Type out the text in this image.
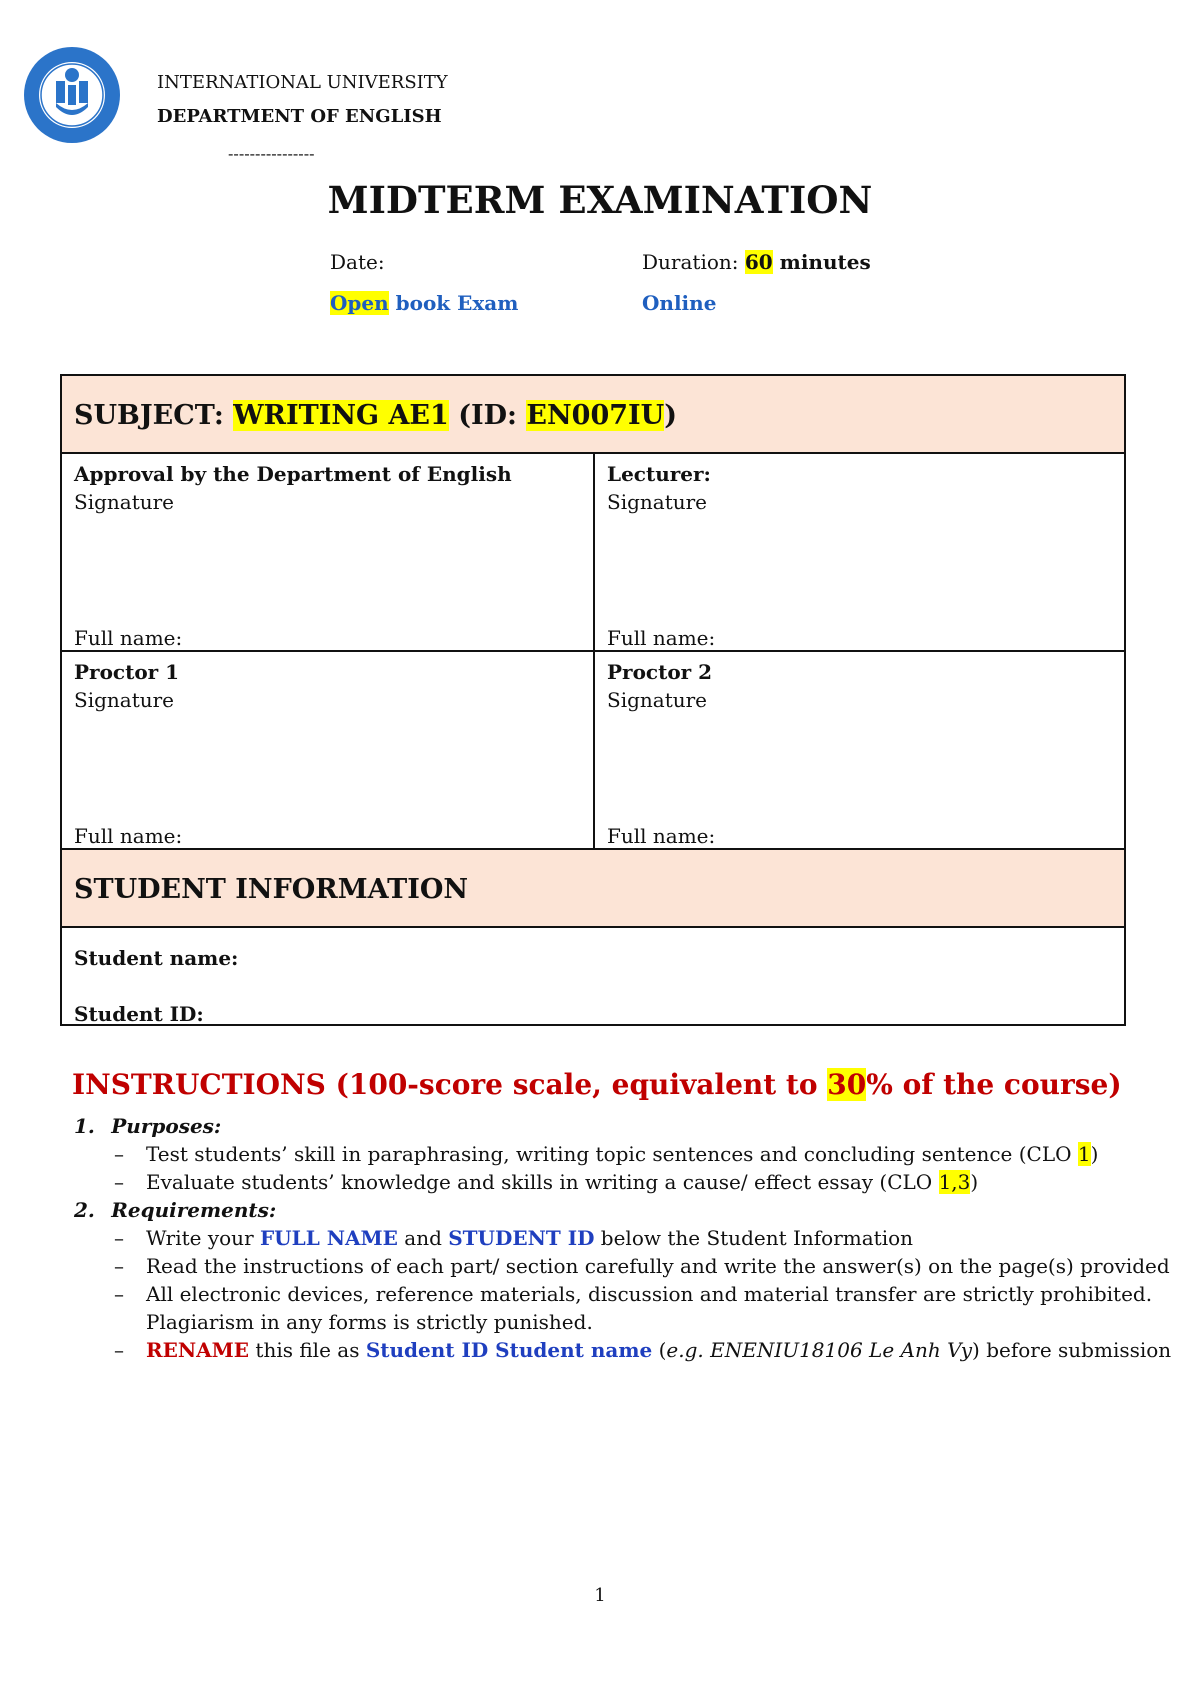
INTERNATIONAL UNIVERSITY
DEPARTMENT OF ENGLISH
----------------
MIDTERM EXAMINATION
Date:	Duration: 60 minutes
Open book Exam	Online
SUBJECT: WRITING AE1 (ID: EN007IU)
Approval by the Department of English
Signature
Full name:
Lecturer:
Signature
Full name:
Proctor 1
Signature
Full name:
Proctor 2
Signature
Full name:
STUDENT INFORMATION
Student name:
Student ID:
INSTRUCTIONS (100-score scale, equivalent to 30% of the course)
1. Purposes:
– Test students’ skill in paraphrasing, writing topic sentences and concluding sentence (CLO 1)
– Evaluate students’ knowledge and skills in writing a cause/ effect essay (CLO 1,3)
2. Requirements:
– Write your FULL NAME and STUDENT ID below the Student Information
– Read the instructions of each part/ section carefully and write the answer(s) on the page(s) provided
– All electronic devices, reference materials, discussion and material transfer are strictly prohibited.
Plagiarism in any forms is strictly punished.
– RENAME this file as Student ID Student name (e.g. ENENIU18106 Le Anh Vy) before submission
1
